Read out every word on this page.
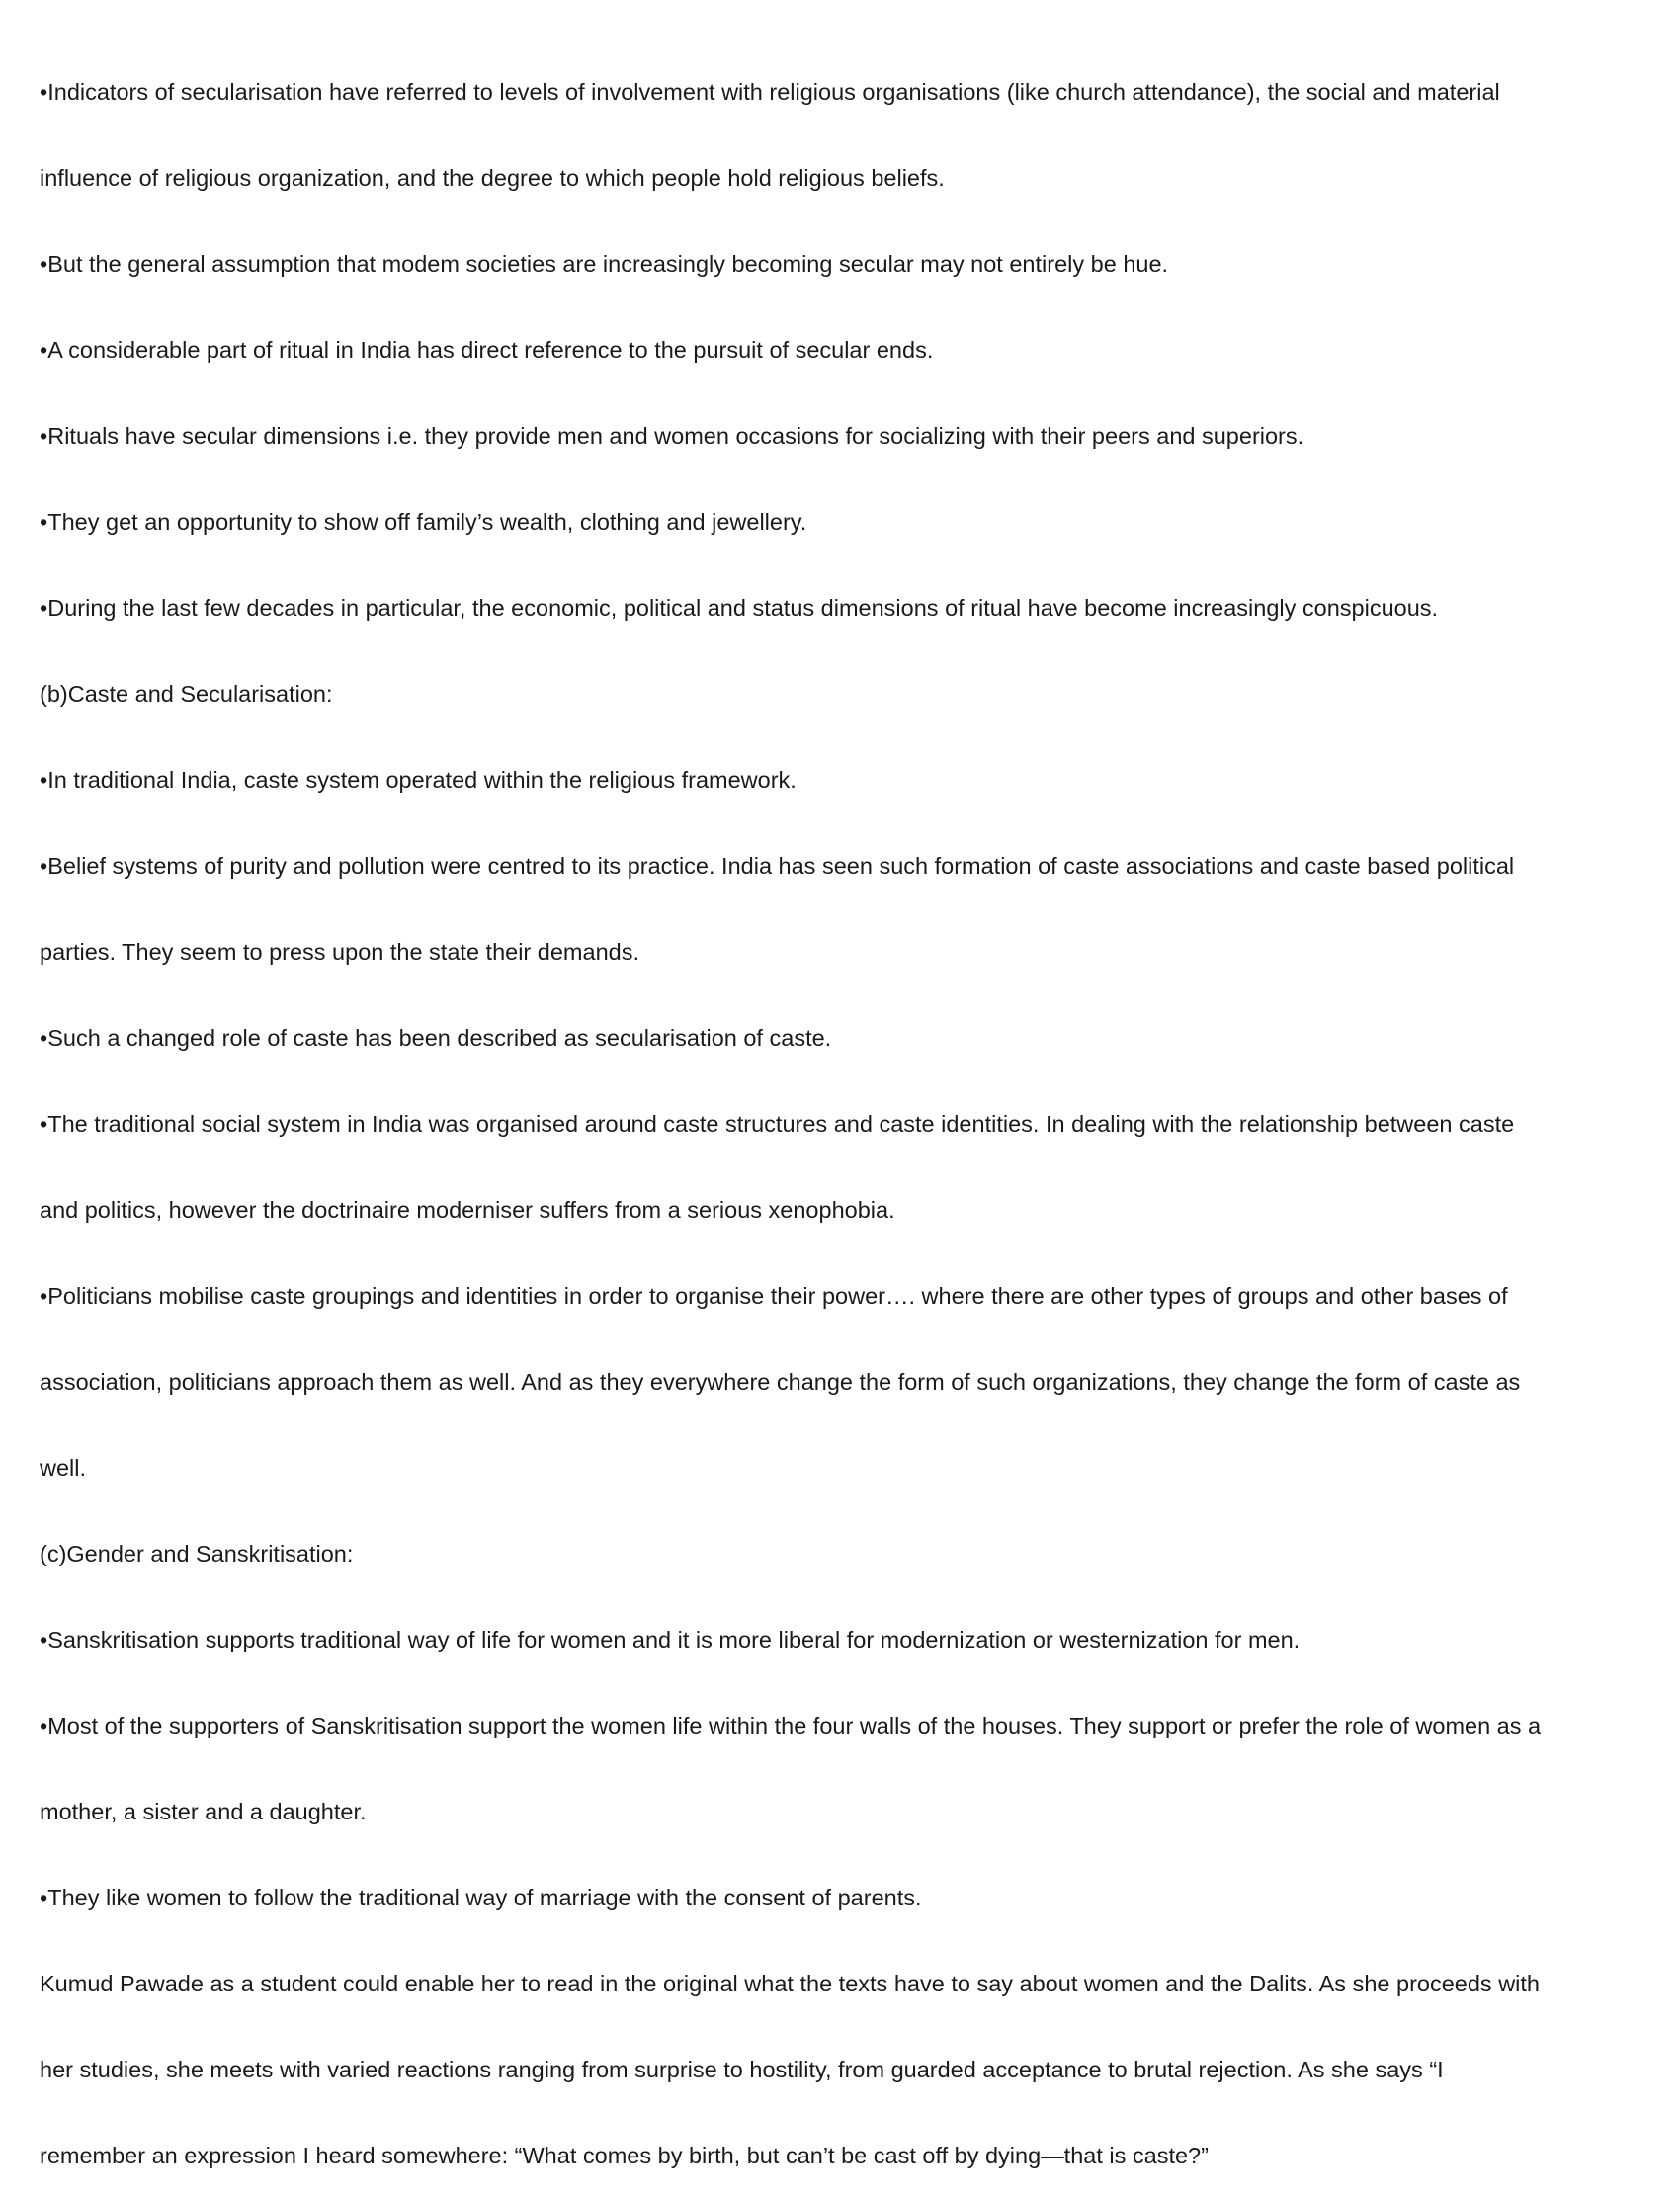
•Indicators of secularisation have referred to levels of involvement with religious organisations (like church attendance), the social and material

influence of religious organization, and the degree to which people hold religious beliefs.

•But the general assumption that modem societies are increasingly becoming secular may not entirely be hue.

•A considerable part of ritual in India has direct reference to the pursuit of secular ends.

•Rituals have secular dimensions i.e. they provide men and women occasions for socializing with their peers and superiors.

•They get an opportunity to show off family’s wealth, clothing and jewellery.

•During the last few decades in particular, the economic, political and status dimensions of ritual have become increasingly conspicuous.

(b)Caste and Secularisation:

•In traditional India, caste system operated within the religious framework.

•Belief systems of purity and pollution were centred to its practice. India has seen such formation of caste associations and caste based political

parties. They seem to press upon the state their demands.

•Such a changed role of caste has been described as secularisation of caste.

•The traditional social system in India was organised around caste structures and caste identities. In dealing with the relationship between caste

and politics, however the doctrinaire moderniser suffers from a serious xenophobia.

•Politicians mobilise caste groupings and identities in order to organise their power…. where there are other types of groups and other bases of

association, politicians approach them as well. And as they everywhere change the form of such organizations, they change the form of caste as

well.

(c)Gender and Sanskritisation:

•Sanskritisation supports traditional way of life for women and it is more liberal for modernization or westernization for men.

•Most of the supporters of Sanskritisation support the women life within the four walls of the houses. They support or prefer the role of women as a

mother, a sister and a daughter.

•They like women to follow the traditional way of marriage with the consent of parents.

Kumud Pawade as a student could enable her to read in the original what the texts have to say about women and the Dalits. As she proceeds with

her studies, she meets with varied reactions ranging from surprise to hostility, from guarded acceptance to brutal rejection. As she says “I

remember an expression I heard somewhere: “What comes by birth, but can’t be cast off by dying—that is caste?”
